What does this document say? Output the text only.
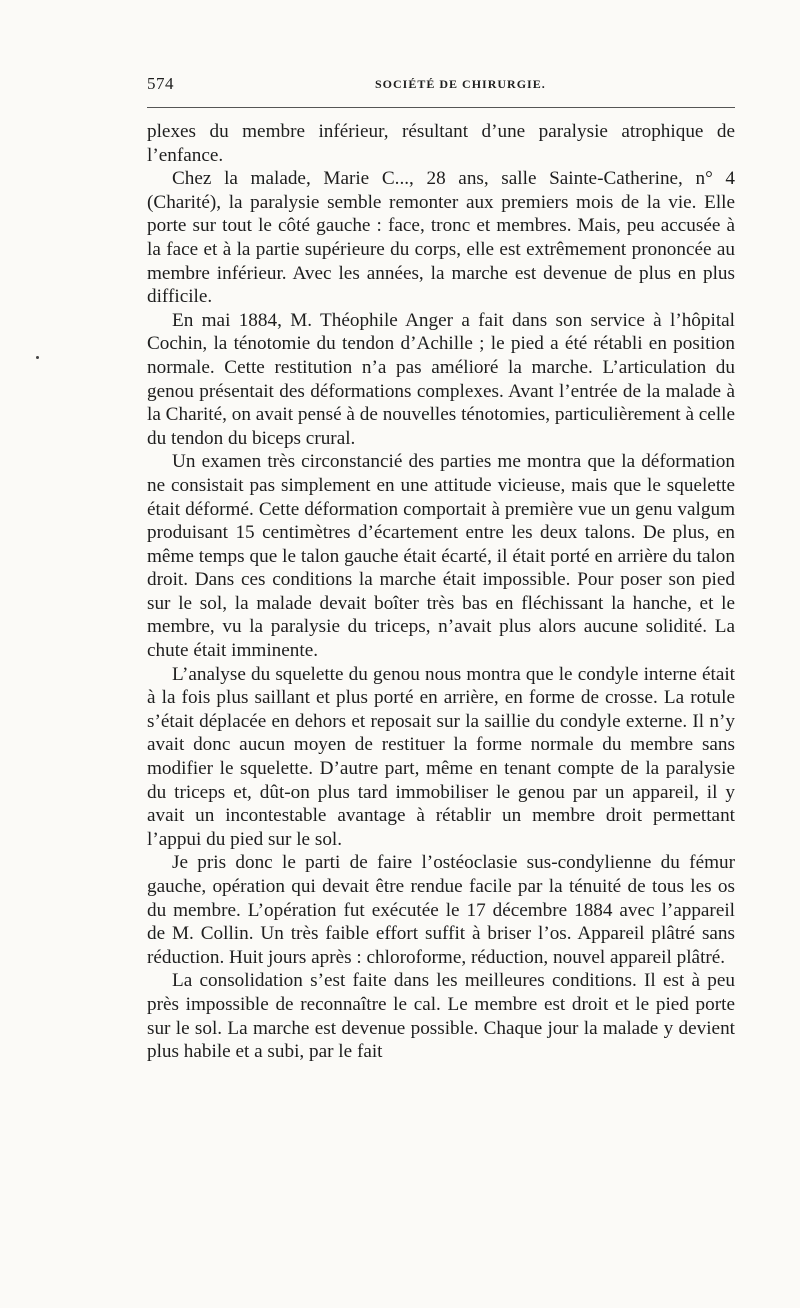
574	SOCIÉTÉ DE CHIRURGIE.

plexes du membre inférieur, résultant d’une paralysie atrophique de l’enfance.

Chez la malade, Marie C..., 28 ans, salle Sainte-Catherine, n° 4 (Charité), la paralysie semble remonter aux premiers mois de la vie. Elle porte sur tout le côté gauche : face, tronc et membres. Mais, peu accusée à la face et à la partie supérieure du corps, elle est extrêmement prononcée au membre inférieur. Avec les années, la marche est devenue de plus en plus difficile.

En mai 1884, M. Théophile Anger a fait dans son service à l’hôpital Cochin, la ténotomie du tendon d’Achille ; le pied a été rétabli en position normale. Cette restitution n’a pas amélioré la marche. L’articulation du genou présentait des déformations complexes. Avant l’entrée de la malade à la Charité, on avait pensé à de nouvelles ténotomies, particulièrement à celle du tendon du biceps crural.

Un examen très circonstancié des parties me montra que la déformation ne consistait pas simplement en une attitude vicieuse, mais que le squelette était déformé. Cette déformation comportait à première vue un genu valgum produisant 15 centimètres d’écartement entre les deux talons. De plus, en même temps que le talon gauche était écarté, il était porté en arrière du talon droit. Dans ces conditions la marche était impossible. Pour poser son pied sur le sol, la malade devait boîter très bas en fléchissant la hanche, et le membre, vu la paralysie du triceps, n’avait plus alors aucune solidité. La chute était imminente.

L’analyse du squelette du genou nous montra que le condyle interne était à la fois plus saillant et plus porté en arrière, en forme de crosse. La rotule s’était déplacée en dehors et reposait sur la saillie du condyle externe. Il n’y avait donc aucun moyen de restituer la forme normale du membre sans modifier le squelette. D’autre part, même en tenant compte de la paralysie du triceps et, dût-on plus tard immobiliser le genou par un appareil, il y avait un incontestable avantage à rétablir un membre droit permettant l’appui du pied sur le sol.

Je pris donc le parti de faire l’ostéoclasie sus-condylienne du fémur gauche, opération qui devait être rendue facile par la ténuité de tous les os du membre. L’opération fut exécutée le 17 décembre 1884 avec l’appareil de M. Collin. Un très faible effort suffit à briser l’os. Appareil plâtré sans réduction. Huit jours après : chloroforme, réduction, nouvel appareil plâtré.

La consolidation s’est faite dans les meilleures conditions. Il est à peu près impossible de reconnaître le cal. Le membre est droit et le pied porte sur le sol. La marche est devenue possible. Chaque jour la malade y devient plus habile et a subi, par le fait
